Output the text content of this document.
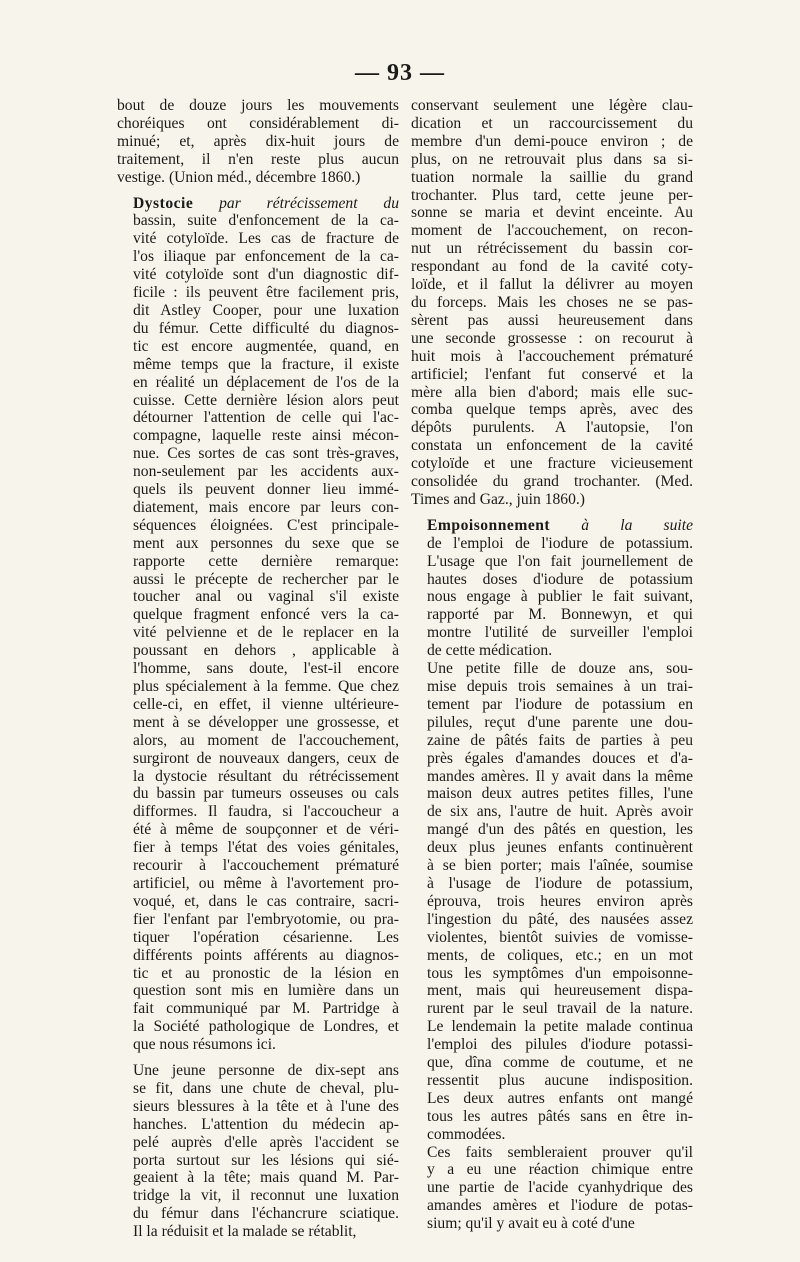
— 93 —

bout de douze jours les mouvements
choréiques ont considérablement di-
minué; et, après dix-huit jours de
traitement, il n'en reste plus aucun
vestige. (Union méd., décembre 1860.)

Dystocie par rétrécissement du
bassin, suite d'enfoncement de la ca-
vité cotyloïde. Les cas de fracture de
l'os iliaque par enfoncement de la ca-
vité cotyloïde sont d'un diagnostic dif-
ficile : ils peuvent être facilement pris,
dit Astley Cooper, pour une luxation
du fémur. Cette difficulté du diagnos-
tic est encore augmentée, quand, en
même temps que la fracture, il existe
en réalité un déplacement de l'os de la
cuisse. Cette dernière lésion alors peut
détourner l'attention de celle qui l'ac-
compagne, laquelle reste ainsi mécon-
nue. Ces sortes de cas sont très-graves,
non-seulement par les accidents aux-
quels ils peuvent donner lieu immé-
diatement, mais encore par leurs con-
séquences éloignées. C'est principale-
ment aux personnes du sexe que se
rapporte cette dernière remarque:
aussi le précepte de rechercher par le
toucher anal ou vaginal s'il existe
quelque fragment enfoncé vers la ca-
vité pelvienne et de le replacer en la
poussant en dehors , applicable à
l'homme, sans doute, l'est-il encore
plus spécialement à la femme. Que chez
celle-ci, en effet, il vienne ultérieure-
ment à se développer une grossesse, et
alors, au moment de l'accouchement,
surgiront de nouveaux dangers, ceux de
la dystocie résultant du rétrécissement
du bassin par tumeurs osseuses ou cals
difformes. Il faudra, si l'accoucheur a
été à même de soupçonner et de véri-
fier à temps l'état des voies génitales,
recourir à l'accouchement prématuré
artificiel, ou même à l'avortement pro-
voqué, et, dans le cas contraire, sacri-
fier l'enfant par l'embryotomie, ou pra-
tiquer l'opération césarienne. Les
différents points afférents au diagnos-
tic et au pronostic de la lésion en
question sont mis en lumière dans un
fait communiqué par M. Partridge à
la Société pathologique de Londres, et
que nous résumons ici.

Une jeune personne de dix-sept ans
se fit, dans une chute de cheval, plu-
sieurs blessures à la tête et à l'une des
hanches. L'attention du médecin ap-
pelé auprès d'elle après l'accident se
porta surtout sur les lésions qui sié-
geaient à la tête; mais quand M. Par-
tridge la vit, il reconnut une luxation
du fémur dans l'échancrure sciatique.
Il la réduisit et la malade se rétablit,

conservant seulement une légère clau-
dication et un raccourcissement du
membre d'un demi-pouce environ ; de
plus, on ne retrouvait plus dans sa si-
tuation normale la saillie du grand
trochanter. Plus tard, cette jeune per-
sonne se maria et devint enceinte. Au
moment de l'accouchement, on recon-
nut un rétrécissement du bassin cor-
respondant au fond de la cavité coty-
loïde, et il fallut la délivrer au moyen
du forceps. Mais les choses ne se pas-
sèrent pas aussi heureusement dans
une seconde grossesse : on recourut à
huit mois à l'accouchement prématuré
artificiel; l'enfant fut conservé et la
mère alla bien d'abord; mais elle suc-
comba quelque temps après, avec des
dépôts purulents. A l'autopsie, l'on
constata un enfoncement de la cavité
cotyloïde et une fracture vicieusement
consolidée du grand trochanter. (Med.
Times and Gaz., juin 1860.)

Empoisonnement à la suite
de l'emploi de l'iodure de potassium.
L'usage que l'on fait journellement de
hautes doses d'iodure de potassium
nous engage à publier le fait suivant,
rapporté par M. Bonnewyn, et qui
montre l'utilité de surveiller l'emploi
de cette médication.

Une petite fille de douze ans, sou-
mise depuis trois semaines à un trai-
tement par l'iodure de potassium en
pilules, reçut d'une parente une dou-
zaine de pâtés faits de parties à peu
près égales d'amandes douces et d'a-
mandes amères. Il y avait dans la même
maison deux autres petites filles, l'une
de six ans, l'autre de huit. Après avoir
mangé d'un des pâtés en question, les
deux plus jeunes enfants continuèrent
à se bien porter; mais l'aînée, soumise
à l'usage de l'iodure de potassium,
éprouva, trois heures environ après
l'ingestion du pâté, des nausées assez
violentes, bientôt suivies de vomisse-
ments, de coliques, etc.; en un mot
tous les symptômes d'un empoisonne-
ment, mais qui heureusement dispa-
rurent par le seul travail de la nature.
Le lendemain la petite malade continua
l'emploi des pilules d'iodure potassi-
que, dîna comme de coutume, et ne
ressentit plus aucune indisposition.
Les deux autres enfants ont mangé
tous les autres pâtés sans en être in-
commodées.

Ces faits sembleraient prouver qu'il
y a eu une réaction chimique entre
une partie de l'acide cyanhydrique des
amandes amères et l'iodure de potas-
sium; qu'il y avait eu à coté d'une
